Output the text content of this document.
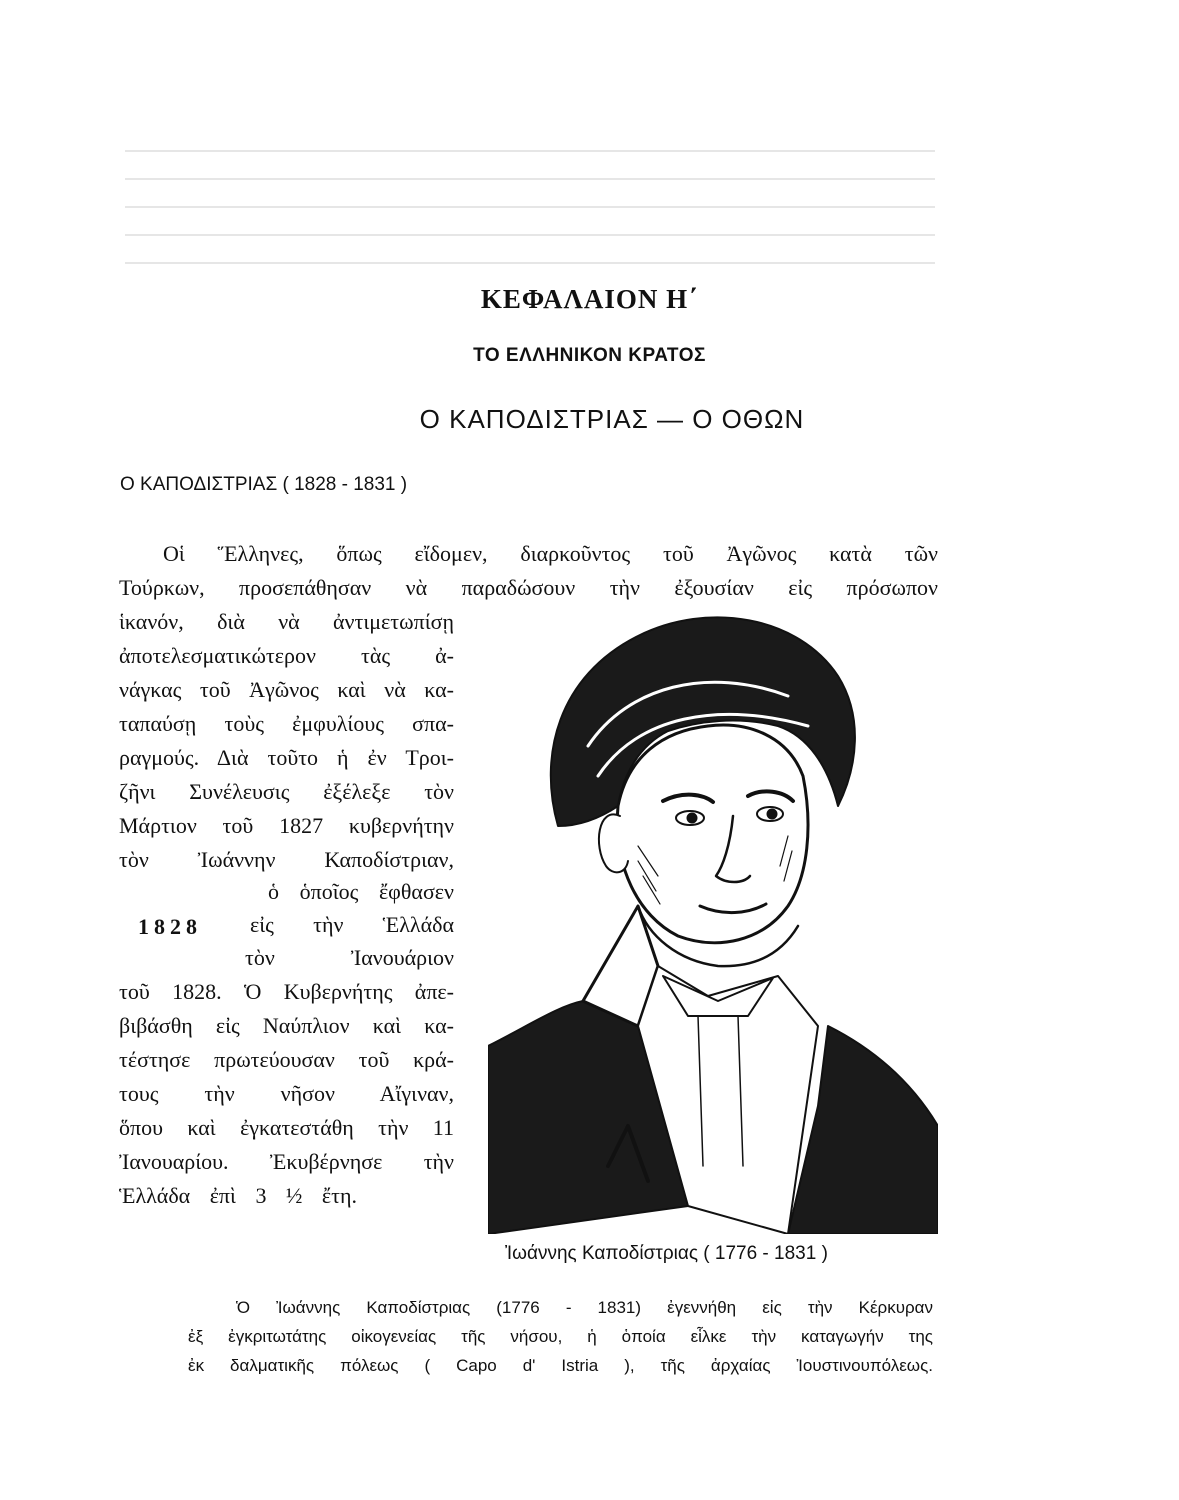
ΚΕΦΑΛΑΙΟΝ Η΄
ΤΟ ΕΛΛΗΝΙΚΟΝ ΚΡΑΤΟΣ
Ο ΚΑΠΟΔΙΣΤΡΙΑΣ — Ο ΟΘΩΝ
Ο ΚΑΠΟΔΙΣΤΡΙΑΣ ( 1828 - 1831 )
Οἱ Ἕλληνες, ὅπως εἴδομεν, διαρκοῦντος τοῦ Ἀγῶνος κατὰ τῶν
Τούρκων, προσεπάθησαν νὰ παραδώσουν τὴν ἐξουσίαν εἰς πρόσωπον
ἱκανόν, διὰ νὰ ἀντιμετωπίσῃ
ἀποτελεσματικώτερον τὰς ἀ-
νάγκας τοῦ Ἀγῶνος καὶ νὰ κα-
ταπαύσῃ τοὺς ἐμφυλίους σπα-
ραγμούς. Διὰ τοῦτο ἡ ἐν Τροι-
ζῆνι Συνέλευσις ἐξέλεξε τὸν
Μάρτιον τοῦ 1827 κυβερνήτην
τὸν Ἰωάννην Καποδίστριαν,
ὁ ὁποῖος ἔφθασεν
εἰς τὴν Ἑλλάδα
τὸν Ἰανουάριον
τοῦ 1828. Ὁ Κυβερνήτης ἀπε-
βιβάσθη εἰς Ναύπλιον καὶ κα-
τέστησε πρωτεύουσαν τοῦ κρά-
τους τὴν νῆσον Αἴγιναν,
ὅπου καὶ ἐγκατεστάθη τὴν 11
Ἰανουαρίου. Ἐκυβέρνησε τὴν
Ἑλλάδα ἐπὶ 3 ½ ἔτη.
1828
Ἰωάννης Καποδίστριας ( 1776 - 1831 )
Ὁ Ἰωάννης Καποδίστριας (1776 - 1831) ἐγεννήθη εἰς τὴν Κέρκυραν
ἐξ ἐγκριτωτάτης οἰκογενείας τῆς νήσου, ἡ ὁποία εἷλκε τὴν καταγωγήν της
ἐκ δαλματικῆς πόλεως ( Capo d' Istria ), τῆς ἀρχαίας Ἰουστινουπόλεως.
